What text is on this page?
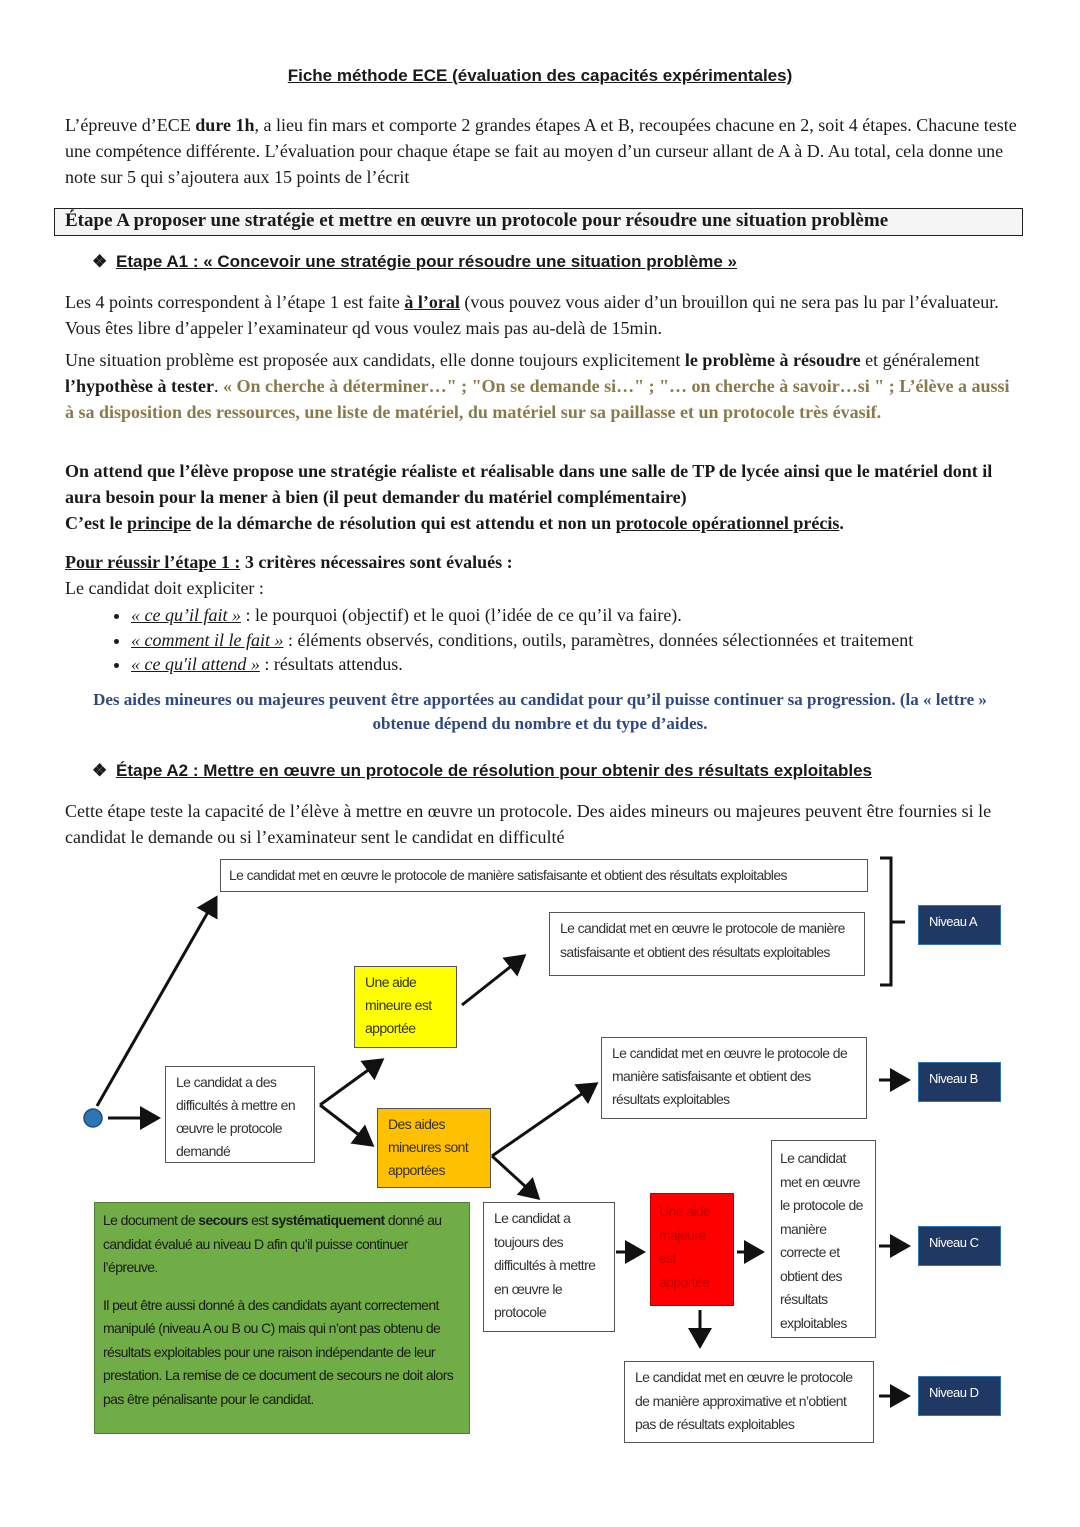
Fiche méthode ECE (évaluation des capacités expérimentales)

L’épreuve d’ECE dure 1h, a lieu fin mars et comporte 2 grandes étapes A et B, recoupées chacune en 2, soit 4 étapes. Chacune teste une compétence différente. L’évaluation pour chaque étape se fait au moyen d’un curseur allant de A à D. Au total, cela donne une note sur 5 qui s’ajoutera aux 15 points de l’écrit

Étape A proposer une stratégie et mettre en œuvre un protocole pour résoudre une situation problème
❖ Etape A1 : « Concevoir une stratégie pour résoudre une situation problème »

Les 4 points correspondent à l’étape 1 est faite à l’oral (vous pouvez vous aider d’un brouillon qui ne sera pas lu par l’évaluateur. Vous êtes libre d’appeler l’examinateur qd vous voulez mais pas au-delà de 15min.

Une situation problème est proposée aux candidats, elle donne toujours explicitement le problème à résoudre et généralement l’hypothèse à tester. « On cherche à déterminer…" ; "On se demande si…" ; "… on cherche à savoir…si " ; L’élève a aussi à sa disposition des ressources, une liste de matériel, du matériel sur sa paillasse et un protocole très évasif.

On attend que l’élève propose une stratégie réaliste et réalisable dans une salle de TP de lycée ainsi que le matériel dont il aura besoin pour la mener à bien (il peut demander du matériel complémentaire)
C’est le principe de la démarche de résolution qui est attendu et non un protocole opérationnel précis.

Pour réussir l’étape 1 : 3 critères nécessaires sont évalués :
Le candidat doit expliciter :

• « ce qu’il fait » : le pourquoi (objectif) et le quoi (l’idée de ce qu’il va faire).
• « comment il le fait » : éléments observés, conditions, outils, paramètres, données sélectionnées et traitement
• « ce qu'il attend » : résultats attendus.

Des aides mineures ou majeures peuvent être apportées au candidat pour qu’il puisse continuer sa progression. (la « lettre » obtenue dépend du nombre et du type d’aides.

❖ Étape A2 : Mettre en œuvre un protocole de résolution pour obtenir des résultats exploitables

Cette étape teste la capacité de l’élève à mettre en œuvre un protocole. Des aides mineurs ou majeures peuvent être fournies si le candidat le demande ou si l’examinateur sent le candidat en difficulté

Le candidat met en œuvre le protocole de manière satisfaisante et obtient des résultats exploitables
Le candidat met en œuvre le protocole de manière satisfaisante et obtient des résultats exploitables
Une aide mineure est apportée
Le candidat a des difficultés à mettre en œuvre le protocole demandé
Des aides mineures sont apportées
Le candidat met en œuvre le protocole de manière satisfaisante et obtient des résultats exploitables
Le candidat a toujours des difficultés à mettre en œuvre le protocole
Une aide majeure est apportée
Le candidat met en œuvre le protocole de manière correcte et obtient des résultats exploitables
Le candidat met en œuvre le protocole de manière approximative et n’obtient pas de résultats exploitables
Le document de secours est systématiquement donné au candidat évalué au niveau D afin qu’il puisse continuer l’épreuve.
Il peut être aussi donné à des candidats ayant correctement manipulé (niveau A ou B ou C) mais qui n’ont pas obtenu de résultats exploitables pour une raison indépendante de leur prestation. La remise de ce document de secours ne doit alors pas être pénalisante pour le candidat.
Niveau A
Niveau B
Niveau C
Niveau D
